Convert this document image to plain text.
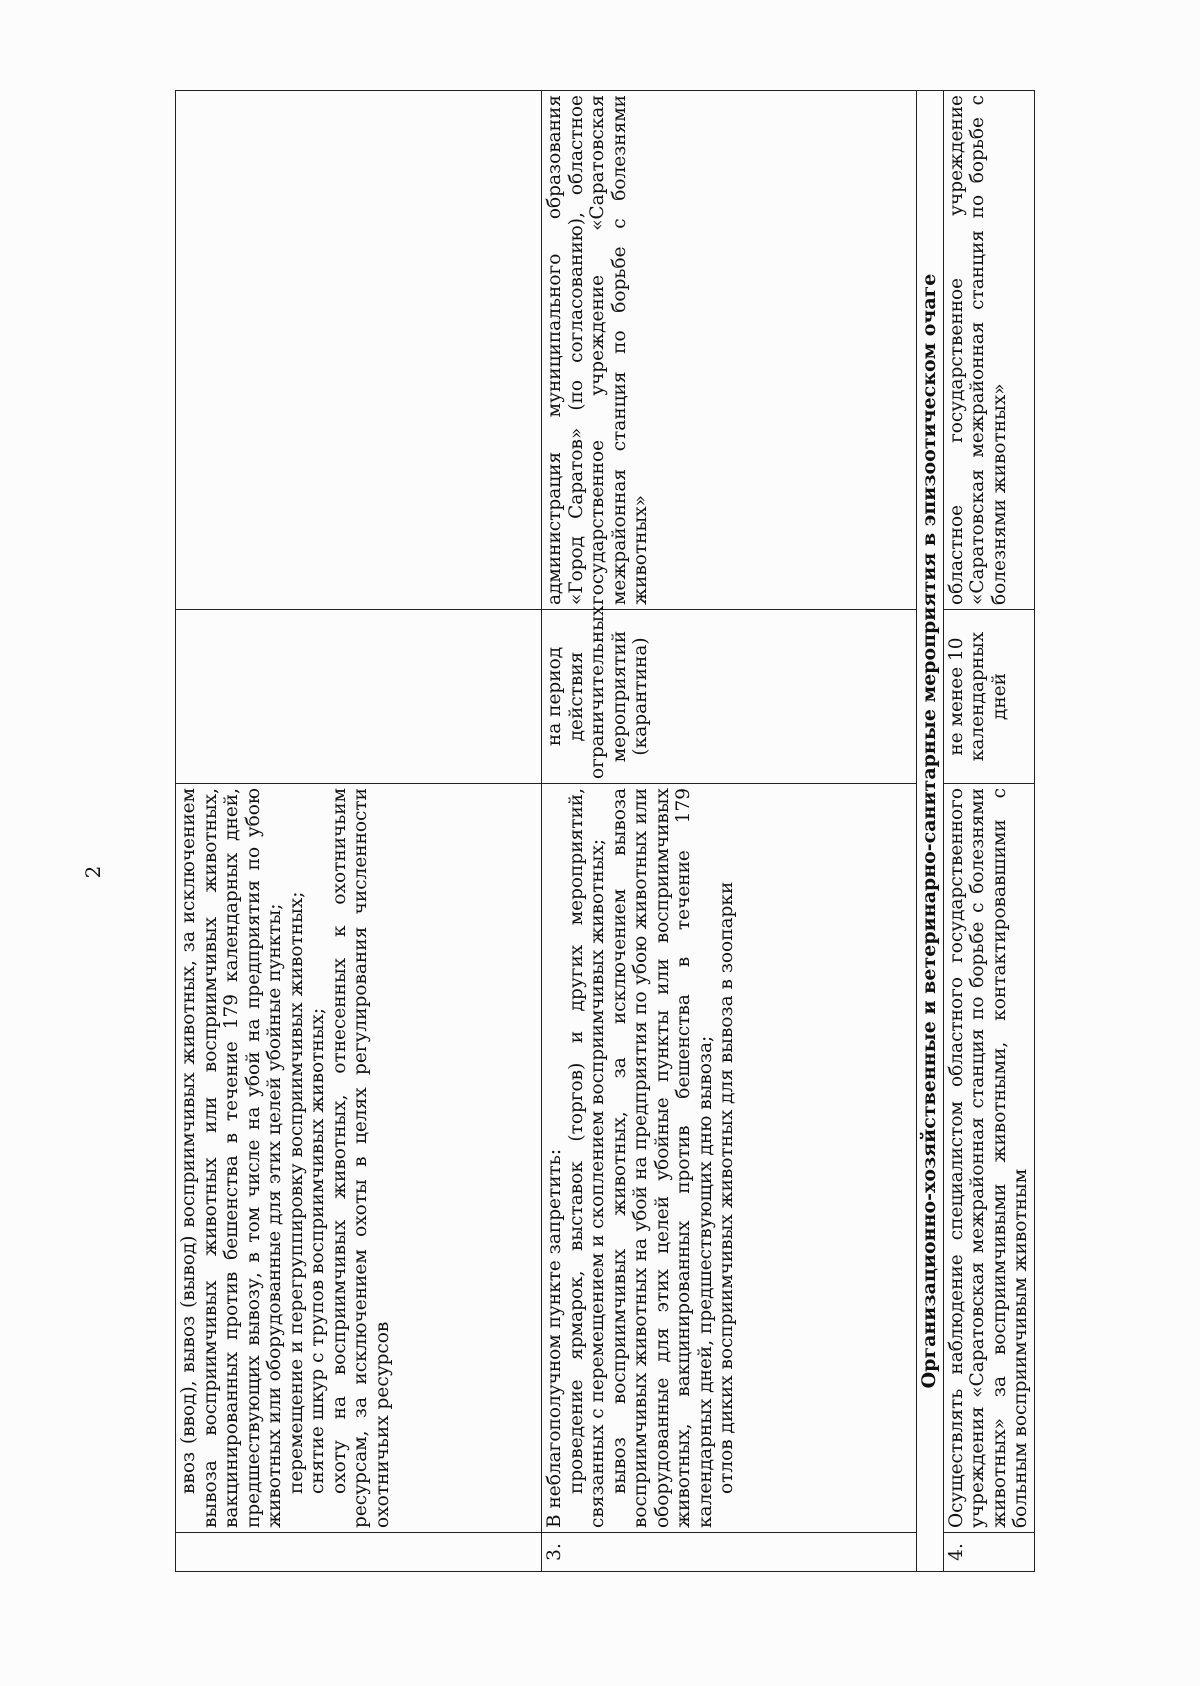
2

	ввоз (ввод), вывоз (вывод) восприимчивых животных, за исключением вывоза восприимчивых животных или восприимчивых животных, вакцинированных против бешенства в течение 179 календарных дней, предшествующих вывозу, в том числе на убой на предприятия по убою животных или оборудованные для этих целей убойные пункты; перемещение и перегруппировку восприимчивых животных; снятие шкур с трупов восприимчивых животных; охоту на восприимчивых животных, отнесенных к охотничьим ресурсам, за исключением охоты в целях регулирования численности охотничьих ресурсов		

3.	В неблагополучном пункте запретить: проведение ярмарок, выставок (торгов) и других мероприятий, связанных с перемещением и скоплением восприимчивых животных; вывоз восприимчивых животных, за исключением вывоза восприимчивых животных на убой на предприятия по убою животных или оборудованные для этих целей убойные пункты или восприимчивых животных, вакцинированных против бешенства в течение 179 календарных дней, предшествующих дню вывоза; отлов диких восприимчивых животных для вывоза в зоопарки	на период действия ограничительных мероприятий (карантина)	администрация муниципального образования «Город Саратов» (по согласованию), областное государственное учреждение «Саратовская межрайонная станция по борьбе с болезнями животных»
Организационно-хозяйственные и ветеринарно-санитарные мероприятия в эпизоотическом очаге			
4.	Осуществлять наблюдение специалистом областного государственного учреждения «Саратовская межрайонная станция по борьбе с болезнями животных» за восприимчивыми животными, контактировавшими с больным восприимчивым животным	не менее 10 календарных дней	областное государственное учреждение «Саратовская межрайонная станция по борьбе с болезнями животных»
